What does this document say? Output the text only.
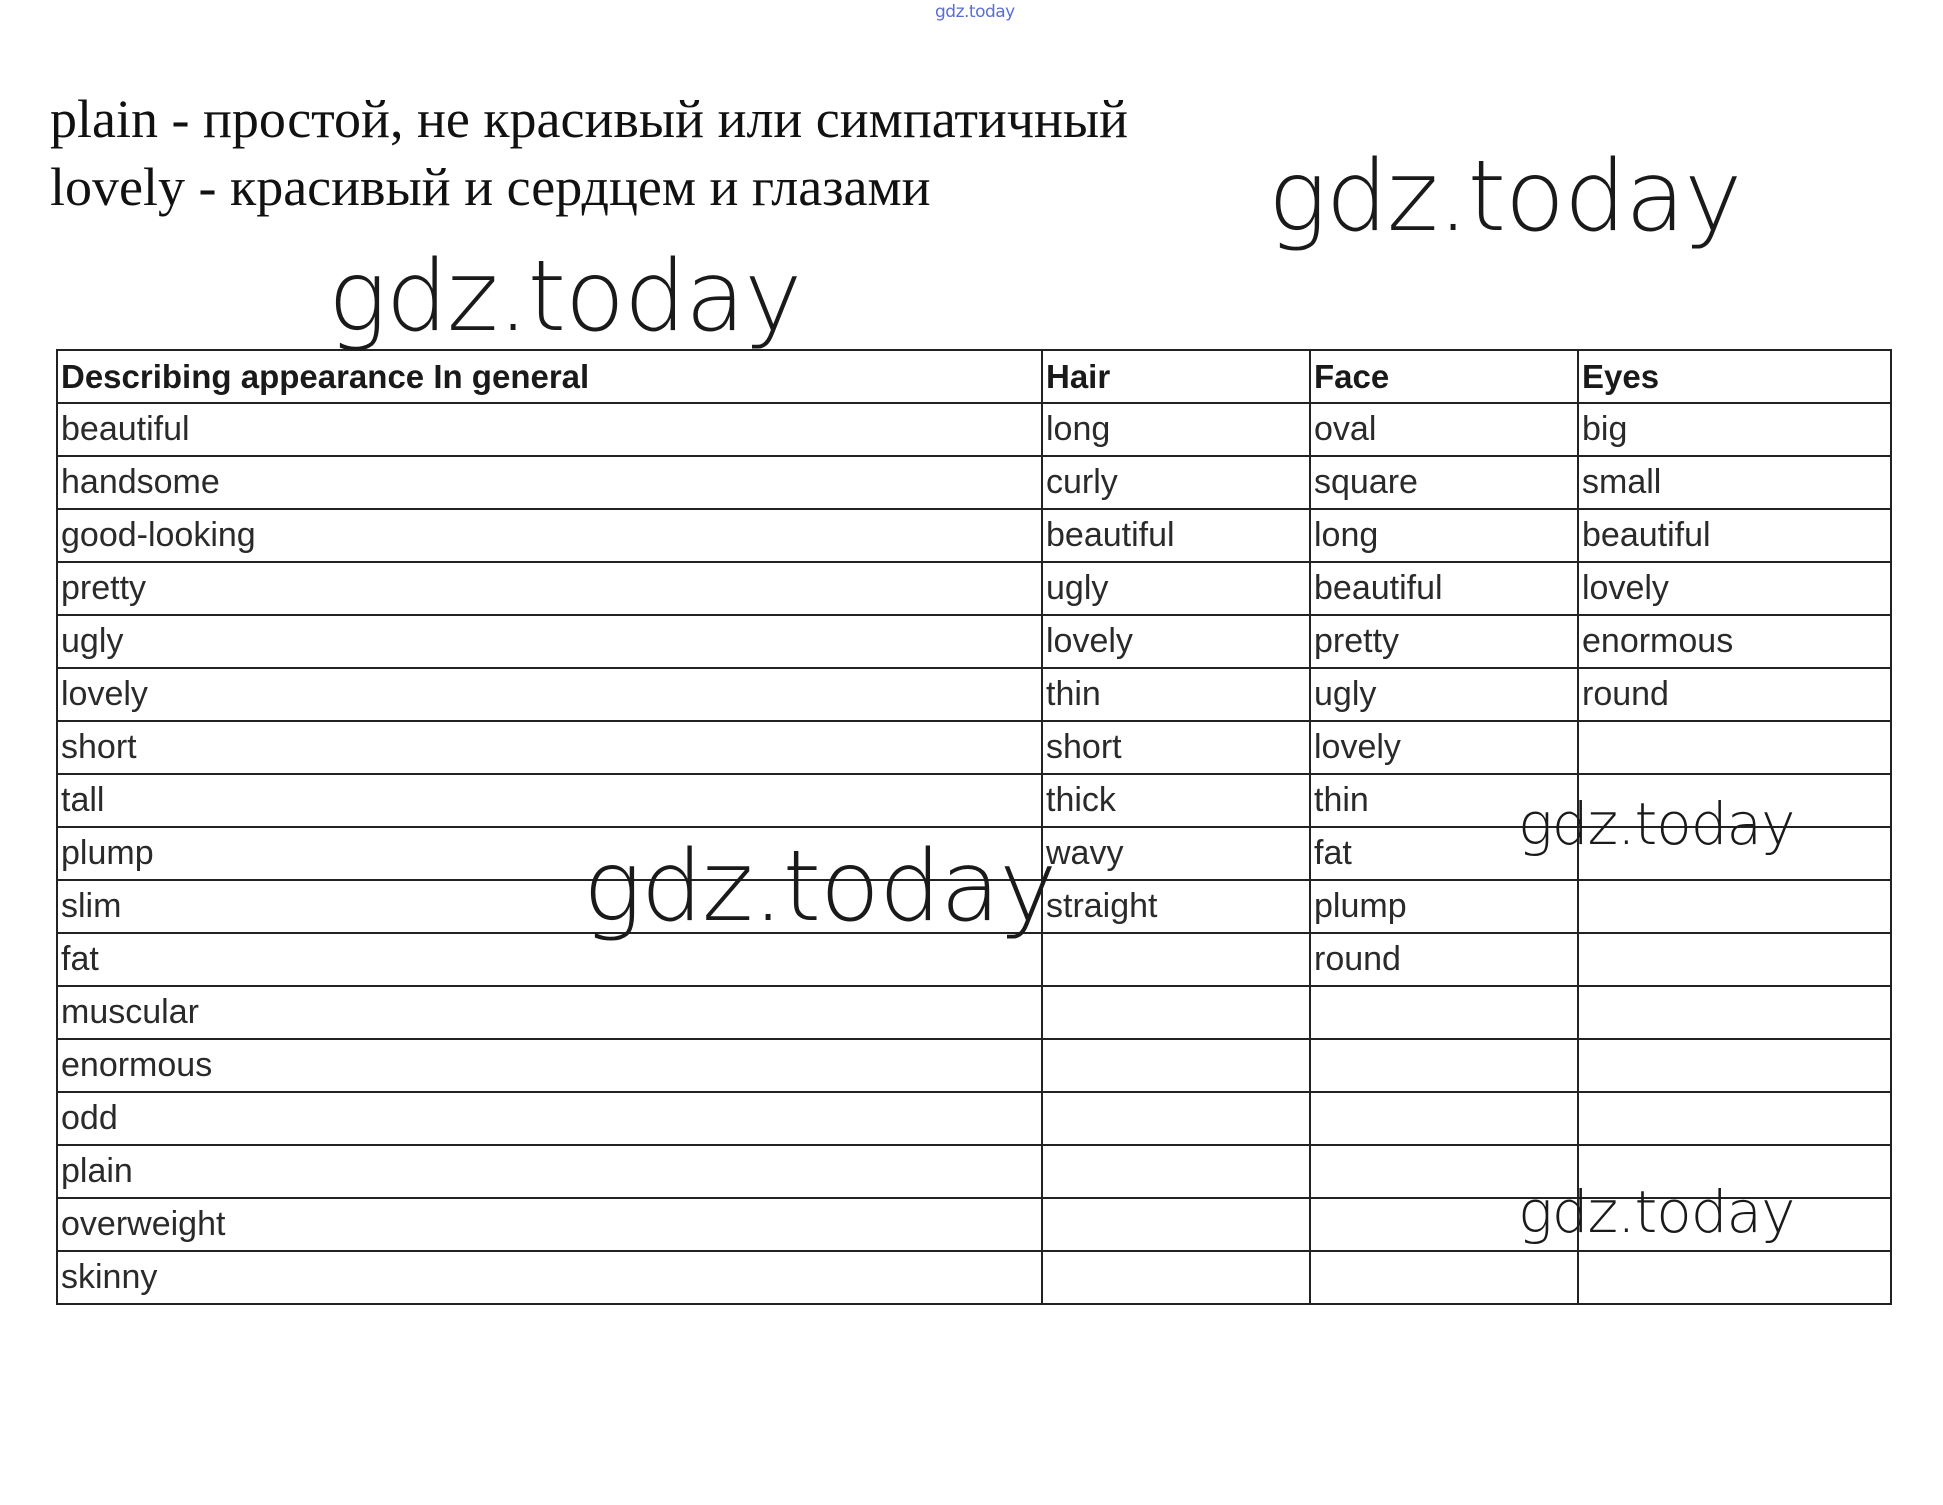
gdz.today
plain - простой, не красивый или симпатичный
lovely - красивый и сердцем и глазами	gdz.today
gdz.today
gdz.today
gdz.today
gdz.today
Describing appearance In general	Hair	Face	Eyes
beautiful	long	oval	big
handsome	curly	square	small
good-looking	beautiful	long	beautiful
pretty	ugly	beautiful	lovely
ugly	lovely	pretty	enormous
lovely	thin	ugly	round
short	short	lovely	
tall	thick	thin	
plump	wavy	fat	
slim	straight	plump	
fat		round	
muscular			
enormous			
odd			
plain			
overweight			
skinny			
